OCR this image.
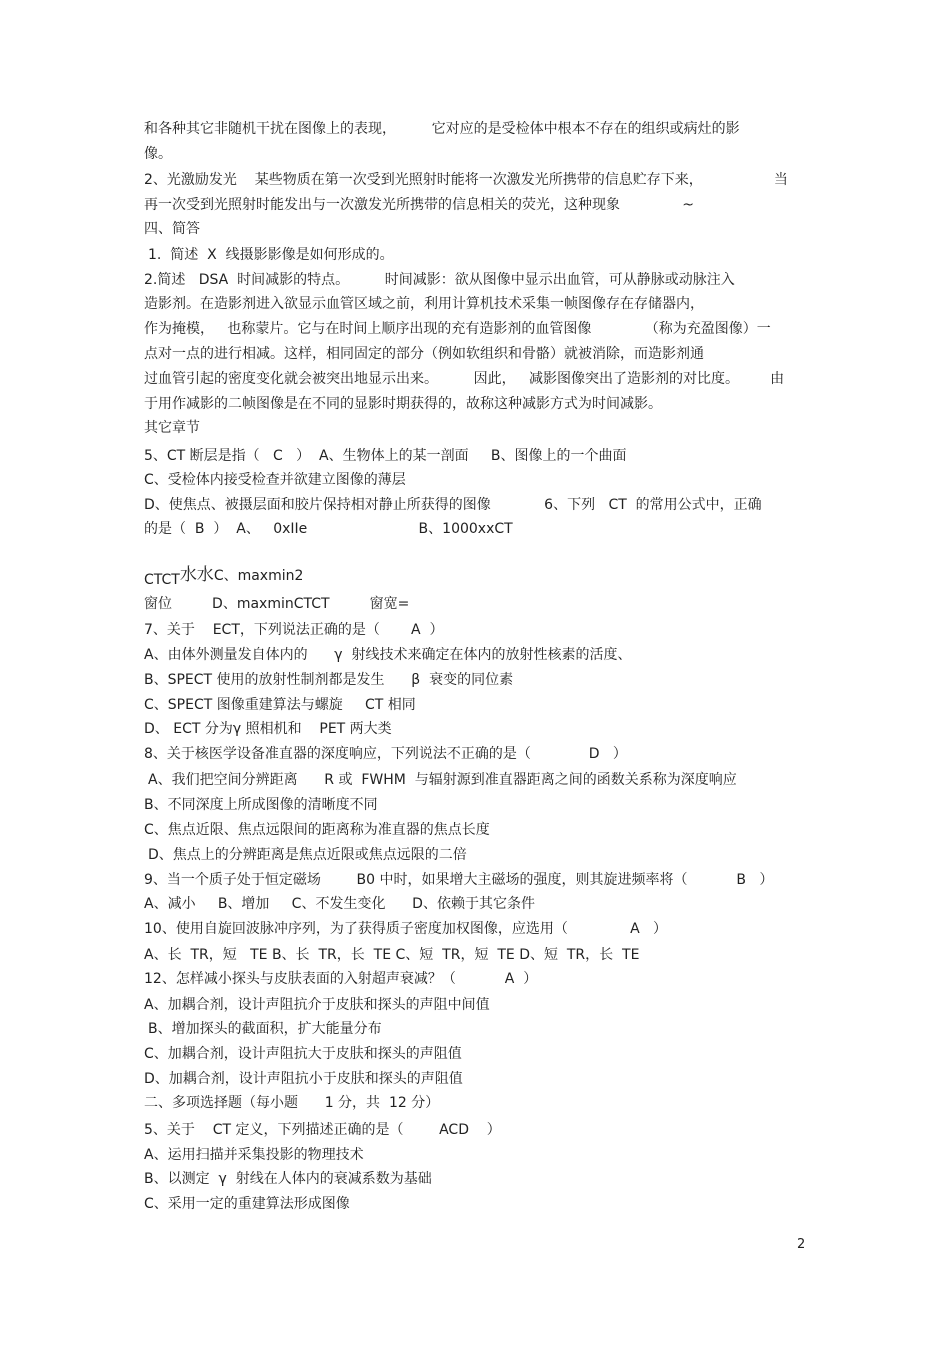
和各种其它非随机干扰在图像上的表现，        它对应的是受检体中根本不存在的组织或病灶的影
像。
2、光激励发光    某些物质在第一次受到光照射时能将一次激发光所携带的信息贮存下来，                当
再一次受到光照射时能发出与一次激发光所携带的信息相关的荧光，这种现象              ~
四、简答
1.  简述  X  线摄影影像是如何形成的。
2.简述   DSA  时间减影的特点。        时间减影：欲从图像中显示出血管，可从静脉或动脉注入
造影剂。在造影剂进入欲显示血管区域之前，利用计算机技术采集一帧图像存在存储器内，
作为掩模，   也称蒙片。它与在时间上顺序出现的充有造影剂的血管图像            （称为充盈图像）一
点对一点的进行相减。这样，相同固定的部分（例如软组织和骨骼）就被消除，而造影剂通
过血管引起的密度变化就会被突出地显示出来。        因此，   减影图像突出了造影剂的对比度。       由
于用作减影的二帧图像是在不同的显影时期获得的，故称这种减影方式为时间减影。
其它章节
5、CT 断层是指（   C   ）  A、生物体上的某一剖面     B、图像上的一个曲面
C、受检体内接受检查并欲建立图像的薄层
D、使焦点、被摄层面和胶片保持相对静止所获得的图像            6、下列   CT  的常用公式中，正确
的是（  B  ）  A、   0xIIe                         B、1000xxCT

水水C、maxmin2

CTCT
窗位         D、maxminCTCT         窗宽=
7、关于    ECT，下列说法正确的是（       A  ）
A、由体外测量发自体内的      γ  射线技术来确定在体内的放射性核素的活度、
B、SPECT 使用的放射性制剂都是发生      β  衰变的同位素
C、SPECT 图像重建算法与螺旋     CT 相同
D、 ECT 分为γ 照相机和    PET 两大类
8、关于核医学设备准直器的深度响应，下列说法不正确的是（             D   ）
A、我们把空间分辨距离      R 或  FWHM  与辐射源到准直器距离之间的函数关系称为深度响应
B、不同深度上所成图像的清晰度不同
C、焦点近限、焦点远限间的距离称为准直器的焦点长度
D、焦点上的分辨距离是焦点近限或焦点远限的二倍
9、当一个质子处于恒定磁场        B0 中时，如果增大主磁场的强度，则其旋进频率将（           B   ）
A、减小     B、增加     C、不发生变化      D、依赖于其它条件
10、使用自旋回波脉冲序列，为了获得质子密度加权图像，应选用（              A   ）
A、长  TR，短   TE B、长  TR，长  TE C、短  TR，短  TE D、短  TR，长  TE
12、怎样减小探头与皮肤表面的入射超声衰减？（           A  ）
A、加耦合剂，设计声阻抗介于皮肤和探头的声阻中间值
B、增加探头的截面积，扩大能量分布
C、加耦合剂，设计声阻抗大于皮肤和探头的声阻值
D、加耦合剂，设计声阻抗小于皮肤和探头的声阻值
二、多项选择题（每小题      1 分，共  12 分）
5、关于    CT 定义，下列描述正确的是（        ACD    ）
A、运用扫描并采集投影的物理技术
B、以测定  γ  射线在人体内的衰减系数为基础
C、采用一定的重建算法形成图像
2
